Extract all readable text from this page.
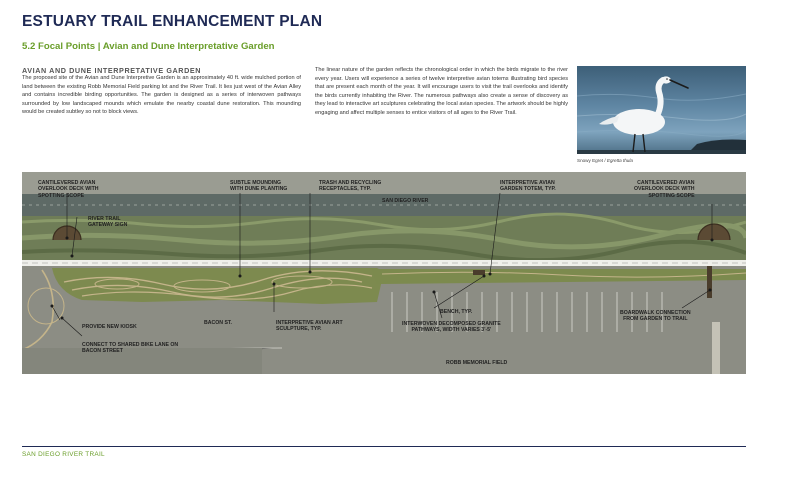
ESTUARY TRAIL ENHANCEMENT PLAN
5.2 Focal Points | Avian and Dune Interpretative Garden
AVIAN AND DUNE INTERPRETATIVE GARDEN
The proposed site of the Avian and Dune Interpretive Garden is an approximately 40 ft. wide mulched portion of land between the existing Robb Memorial Field parking lot and the River Trail. It lies just west of the Avian Alley and contains incredible birding opportunities. The garden is designed as a series of interwoven pathways surrounded by low landscaped mounds which emulate the nearby coastal dune restoration. This mounding would be created subtley so not to block views.
The linear nature of the garden reflects the chronological order in which the birds migrate to the river every year. Users will experience a series of twelve interpretive avian totems illustrating bird species that are present each month of the year. It will encourage users to visit the trail overlooks and identify the birds currently inhabiting the River. The numerous pathways also create a sense of discovery as they lead to interactive art sculptures celebrating the local avian species. The artwork should be highly engaging and affect multiple senses to entice visitors of all ages to the River Trail.
Snowy Egret / Egretta thula
CANTILEVERED AVIAN
OVERLOOK DECK WITH
SPOTTING SCOPE
RIVER TRAIL
GATEWAY SIGN
SUBTLE MOUNDING
WITH DUNE PLANTING
TRASH AND RECYCLING
RECEPTACLES, TYP.
SAN DIEGO RIVER
INTERPRETIVE AVIAN
GARDEN TOTEM, TYP.
CANTILEVERED AVIAN
OVERLOOK DECK WITH
SPOTTING SCOPE
PROVIDE NEW KIOSK
BACON ST.	INTERPRETIVE AVIAN ART
SCULPTURE, TYP.
BENCH, TYP.
INTERWOVEN DECOMPOSED GRANITE
PATHWAYS, WIDTH VARIES 3'-5'
BOARDWALK CONNECTION
FROM GARDEN TO TRAIL
CONNECT TO SHARED BIKE LANE ON
BACON STREET
ROBB MEMORIAL FIELD
SAN DIEGO RIVER TRAIL
